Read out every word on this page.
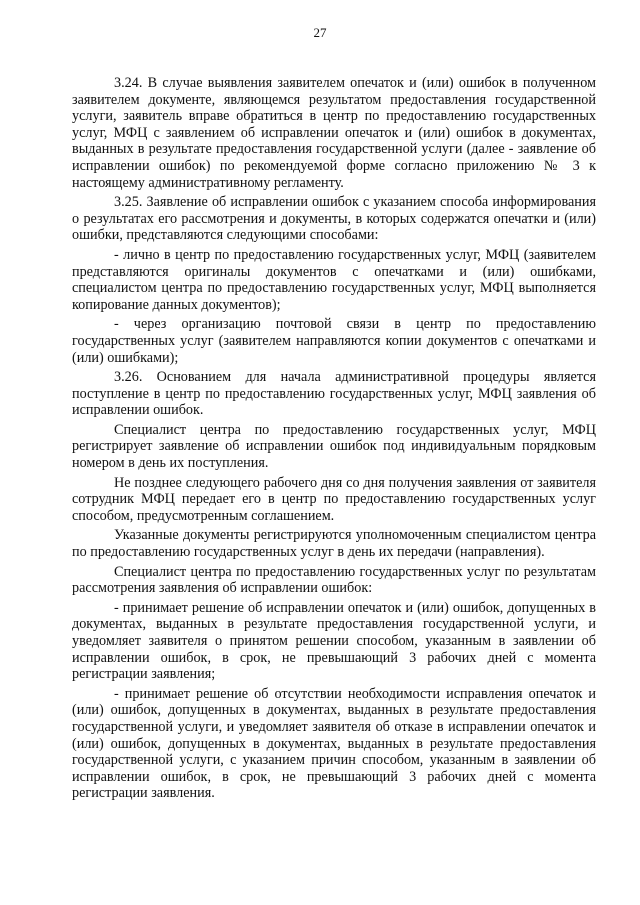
27

3.24. В случае выявления заявителем опечаток и (или) ошибок в полученном заявителем документе, являющемся результатом предоставления государственной услуги, заявитель вправе обратиться в центр по предоставлению государственных услуг, МФЦ с заявлением об исправлении опечаток и (или) ошибок в документах, выданных в результате предоставления государственной услуги (далее - заявление об исправлении ошибок) по рекомендуемой форме согласно приложению № 3 к настоящему административному регламенту.

3.25. Заявление об исправлении ошибок с указанием способа информирования о результатах его рассмотрения и документы, в которых содержатся опечатки и (или) ошибки, представляются следующими способами:

- лично в центр по предоставлению государственных услуг, МФЦ (заявителем представляются оригиналы документов с опечатками и (или) ошибками, специалистом центра по предоставлению государственных услуг, МФЦ выполняется копирование данных документов);

- через организацию почтовой связи в центр по предоставлению государственных услуг (заявителем направляются копии документов с опечатками и (или) ошибками);

3.26. Основанием для начала административной процедуры является поступление в центр по предоставлению государственных услуг, МФЦ заявления об исправлении ошибок.

Специалист центра по предоставлению государственных услуг, МФЦ регистрирует заявление об исправлении ошибок под индивидуальным порядковым номером в день их поступления.

Не позднее следующего рабочего дня со дня получения заявления от заявителя сотрудник МФЦ передает его в центр по предоставлению государственных услуг способом, предусмотренным соглашением.

Указанные документы регистрируются уполномоченным специалистом центра по предоставлению государственных услуг в день их передачи (направления).

Специалист центра по предоставлению государственных услуг по результатам рассмотрения заявления об исправлении ошибок:

- принимает решение об исправлении опечаток и (или) ошибок, допущенных в документах, выданных в результате предоставления государственной услуги, и уведомляет заявителя о принятом решении способом, указанным в заявлении об исправлении ошибок, в срок, не превышающий 3 рабочих дней с момента регистрации заявления;

- принимает решение об отсутствии необходимости исправления опечаток и (или) ошибок, допущенных в документах, выданных в результате предоставления государственной услуги, и уведомляет заявителя об отказе в исправлении опечаток и (или) ошибок, допущенных в документах, выданных в результате предоставления государственной услуги, с указанием причин способом, указанным в заявлении об исправлении ошибок, в срок, не превышающий 3 рабочих дней с момента регистрации заявления.
